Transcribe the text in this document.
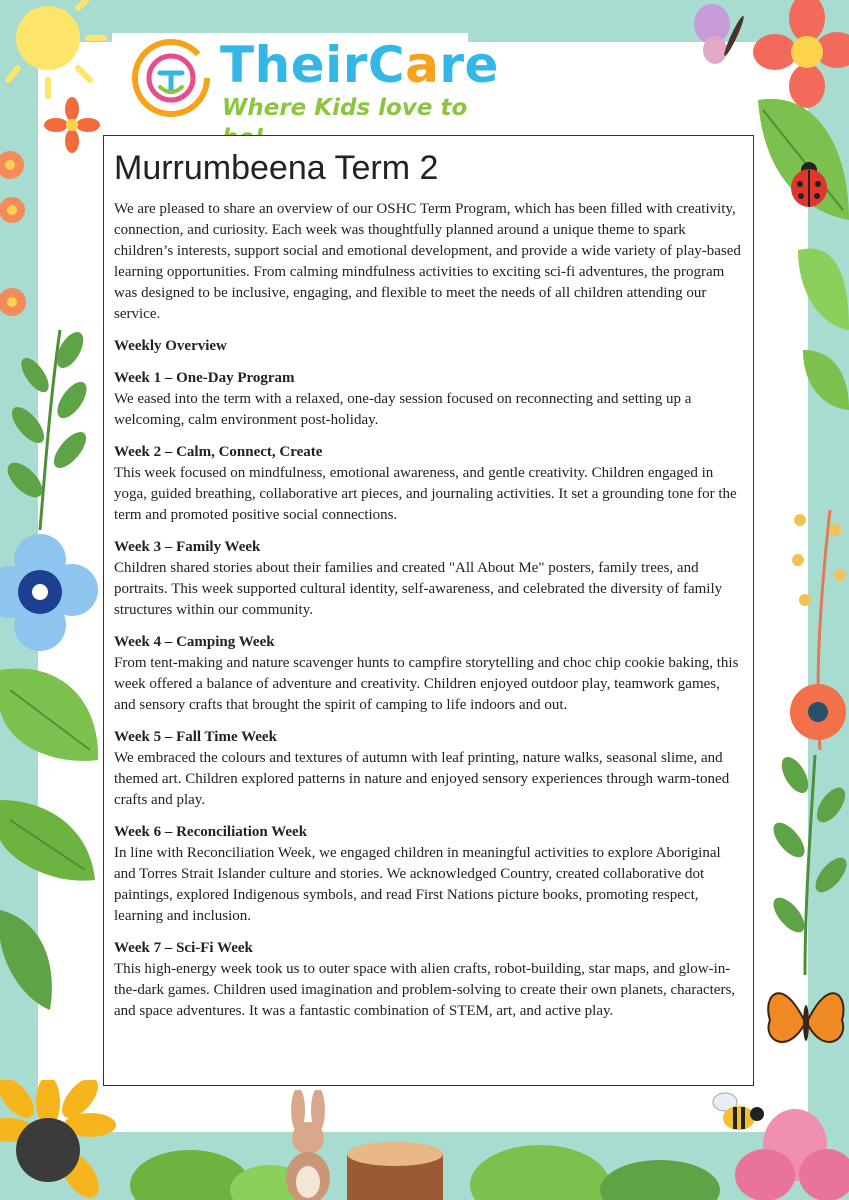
TheirCare
Where Kids love to
Murrumbeena Term 2

We are pleased to share an overview of our OSHC Term Program, which has been filled with creativity, connection, and curiosity. Each week was thoughtfully planned around a unique theme to spark children’s interests, support social and emotional development, and provide a wide variety of play-based learning opportunities. From calming mindfulness activities to exciting sci-fi adventures, the program was designed to be inclusive, engaging, and flexible to meet the needs of all children attending our service.

Weekly Overview
Week 1 – One-Day Program
We eased into the term with a relaxed, one-day session focused on reconnecting and setting up a welcoming, calm environment post-holiday.
Week 2 – Calm, Connect, Create
This week focused on mindfulness, emotional awareness, and gentle creativity. Children engaged in yoga, guided breathing, collaborative art pieces, and journaling activities. It set a grounding tone for the term and promoted positive social connections.
Week 3 – Family Week
Children shared stories about their families and created "All About Me" posters, family trees, and portraits. This week supported cultural identity, self-awareness, and celebrated the diversity of family structures within our community.
Week 4 – Camping Week
From tent-making and nature scavenger hunts to campfire storytelling and choc chip cookie baking, this week offered a balance of adventure and creativity. Children enjoyed outdoor play, teamwork games, and sensory crafts that brought the spirit of camping to life indoors and out.
Week 5 – Fall Time Week
We embraced the colours and textures of autumn with leaf printing, nature walks, seasonal slime, and themed art. Children explored patterns in nature and enjoyed sensory experiences through warm-toned crafts and play.
Week 6 – Reconciliation Week
In line with Reconciliation Week, we engaged children in meaningful activities to explore Aboriginal and Torres Strait Islander culture and stories. We acknowledged Country, created collaborative dot paintings, explored Indigenous symbols, and read First Nations picture books, promoting respect, learning and inclusion.
Week 7 – Sci-Fi Week
This high-energy week took us to outer space with alien crafts, robot-building, star maps, and glow-in-the-dark games. Children used imagination and problem-solving to create their own planets, characters, and space adventures. It was a fantastic combination of STEM, art, and active play.
